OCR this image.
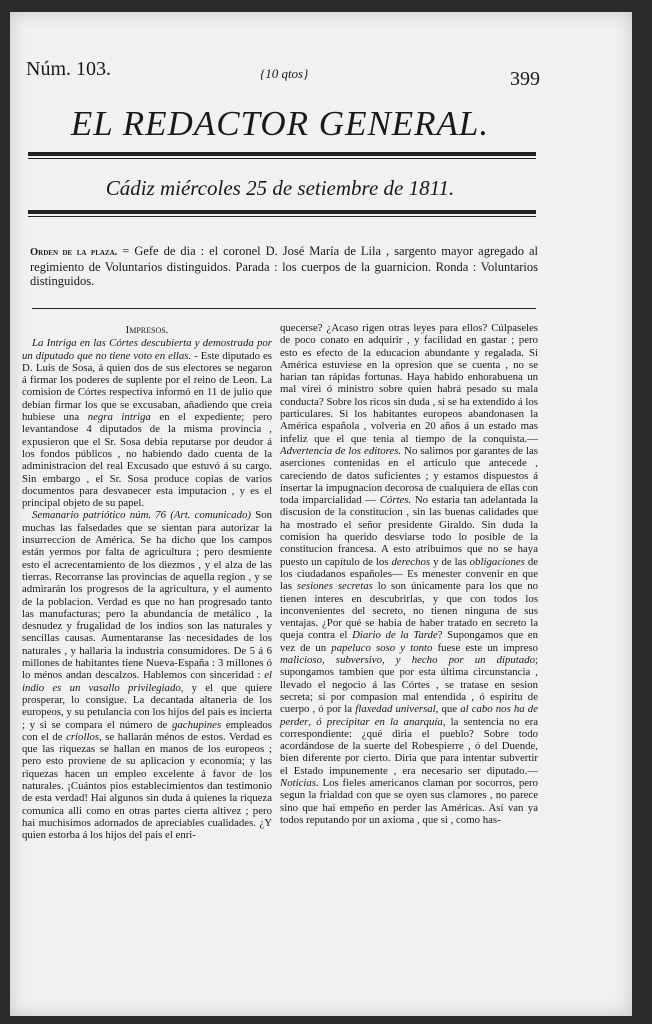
Núm. 103.	{10 qtos}	399
EL REDACTOR GENERAL.
Cádiz miércoles 25 de setiembre de 1811.
Orden de la plaza. = Gefe de dia : el coronel D. José María de Lila , sargento mayor agregado al regimiento de Voluntarios distinguidos. Parada : los cuerpos de la guarnicion. Ronda : Voluntarios distinguidos.
Impresos.

La Intriga en las Córtes descubierta y demostrada por un diputado que no tiene voto en ellas. - Este diputado es D. Luis de Sosa, á quien dos de sus electores se negaron á firmar los poderes de suplente por el reino de Leon. La comision de Córtes respectiva informó en 11 de julio que debian firmar los que se excusaban, añadiendo que creia hubiese una negra intriga en el expediente; pero levantandose 4 diputados de la misma provincia , expusieron que el Sr. Sosa debia reputarse por deudor á los fondos públicos , no habiendo dado cuenta de la administracion del real Excusado que estuvó á su cargo. Sin embargo , el Sr. Sosa produce copias de varios documentos para desvanecer esta imputacion , y es el principal objeto de su papel.

Semanario patriótico núm. 76 (Art. comunicado) Son muchas las falsedades que se sientan para autorizar la insurreccion de América. Se ha dicho que los campos están yermos por falta de agricultura ; pero desmiente esto el acrecentamiento de los diezmos , y el alza de las tierras. Recorranse las provincias de aquella region , y se admirarán los progresos de la agricultura, y el aumento de la poblacion. Verdad es que no han progresado tanto las manufacturas; pero la abundancia de metálico , la desnudez y frugalidad de los indios son las naturales y sencillas causas. Aumentaranse las necesidades de los naturales , y hallaria la industria consumidores. De 5 á 6 millones de habitantes tiene Nueva-España : 3 millones ó lo ménos andan descalzos. Hablemos con sinceridad : el indio es un vasallo privilegiado, y el que quiere prosperar, lo consigue. La decantada altaneria de los europeos, y su petulancia con los hijos del pais es incierta ; y si se compara el número de gachupines empleados con el de criollos, se hallarán ménos de estos. Verdad es que las riquezas se hallan en manos de los europeos ; pero esto proviene de su aplicacion y economía; y las riquezas hacen un empleo excelente á favor de los naturales. ¡Cuántos pios establecimientos dan testimonio de esta verdad! Hai algunos sin duda á quienes la riqueza comunica alli como en otras partes cierta altivez ; pero hai muchisimos adornados de apreciables cualidades. ¿Y quien estorba á los hijos del pais el enri-

quecerse? ¿Acaso rigen otras leyes para ellos? Cúlpaseles de poco conato en adquirir , y facilidad en gastar ; pero esto es efecto de la educacion abundante y regalada. Si América estuviese en la opresion que se cuenta , no se harian tan rápidas fortunas. Haya habido enhorabuena un mal virei ó ministro sobre quien habrá pesado su mala conducta? Sobre los ricos sin duda , si se ha extendido á los particulares. Si los habitantes europeos abandonasen la América española , volveria en 20 años á un estado mas infeliz que el que tenia al tiempo de la conquista.—Advertencia de los editores. No salimos por garantes de las aserciones contenidas en el articulo que antecede , careciendo de datos suficientes ; y estamos dispuestos á insertar la impugnacion decorosa de cualquiera de ellas con toda imparcialidad — Córtes. No estaria tan adelantada la discusion de la constitucion , sin las buenas calidades que ha mostrado el señor presidente Giraldo. Sin duda la comision ha querido desviarse todo lo posible de la constitucion francesa. A esto atribuimos que no se haya puesto un capítulo de los derechos y de las obligaciones de los ciudadanos españoles— Es menester convenir en que las sesiones secretas lo son únicamente para los que no tienen interes en descubrirlas, y que con todos los inconvenientes del secreto, no tienen ninguna de sus ventajas. ¿Por qué se habia de haber tratado en secreto la queja contra el Diario de la Tarde? Supongamos que en vez de un papeluco soso y tonto fuese este un impreso malicioso, subversivo, y hecho por un diputado; supongamos tambien que por esta última circunstancia , llevado el negocio á las Córtes , se tratase en sesion secreta; si por compasion mal entendida , ó espíritu de cuerpo , ó por la flaxedad universal, que al cabo nos ha de perder, ó precipitar en la anarquía, la sentencia no era correspondiente: ¿qué diria el pueblo? Sobre todo acordándose de la suerte del Robespierre , ó del Duende, bien diferente por cierto. Diria que para intentar subvertir el Estado impunemente , era necesario ser diputado.—Noticias. Los fieles americanos claman por socorros, pero segun la frialdad con que se oyen sus clamores , no parece sino que hai empeño en perder las Américas. Así van ya todos reputando por un axioma , que si , como has-
